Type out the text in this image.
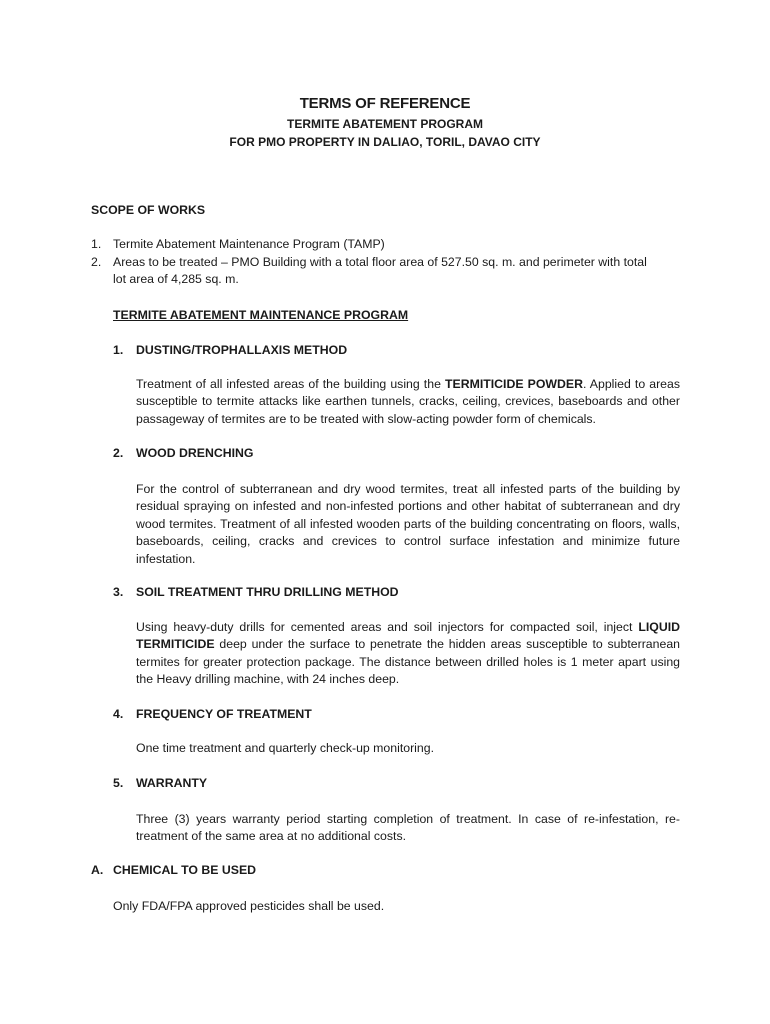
TERMS OF REFERENCE
TERMITE ABATEMENT PROGRAM
FOR PMO PROPERTY IN DALIAO, TORIL, DAVAO CITY
SCOPE OF WORKS
1. Termite Abatement Maintenance Program (TAMP)
2. Areas to be treated – PMO Building with a total floor area of 527.50 sq. m. and perimeter with total
lot area of 4,285 sq. m.
TERMITE ABATEMENT MAINTENANCE PROGRAM
1. DUSTING/TROPHALLAXIS METHOD
Treatment of all infested areas of the building using the TERMITICIDE POWDER. Applied to areas susceptible to termite attacks like earthen tunnels, cracks, ceiling, crevices, baseboards and other passageway of termites are to be treated with slow-acting powder form of chemicals.
2. WOOD DRENCHING
For the control of subterranean and dry wood termites, treat all infested parts of the building by residual spraying on infested and non-infested portions and other habitat of subterranean and dry wood termites. Treatment of all infested wooden parts of the building concentrating on floors, walls, baseboards, ceiling, cracks and crevices to control surface infestation and minimize future infestation.
3. SOIL TREATMENT THRU DRILLING METHOD
Using heavy-duty drills for cemented areas and soil injectors for compacted soil, inject LIQUID TERMITICIDE deep under the surface to penetrate the hidden areas susceptible to subterranean termites for greater protection package. The distance between drilled holes is 1 meter apart using the Heavy drilling machine, with 24 inches deep.
4. FREQUENCY OF TREATMENT
One time treatment and quarterly check-up monitoring.
5. WARRANTY
Three (3) years warranty period starting completion of treatment. In case of re-infestation, re-treatment of the same area at no additional costs.
A. CHEMICAL TO BE USED
Only FDA/FPA approved pesticides shall be used.
